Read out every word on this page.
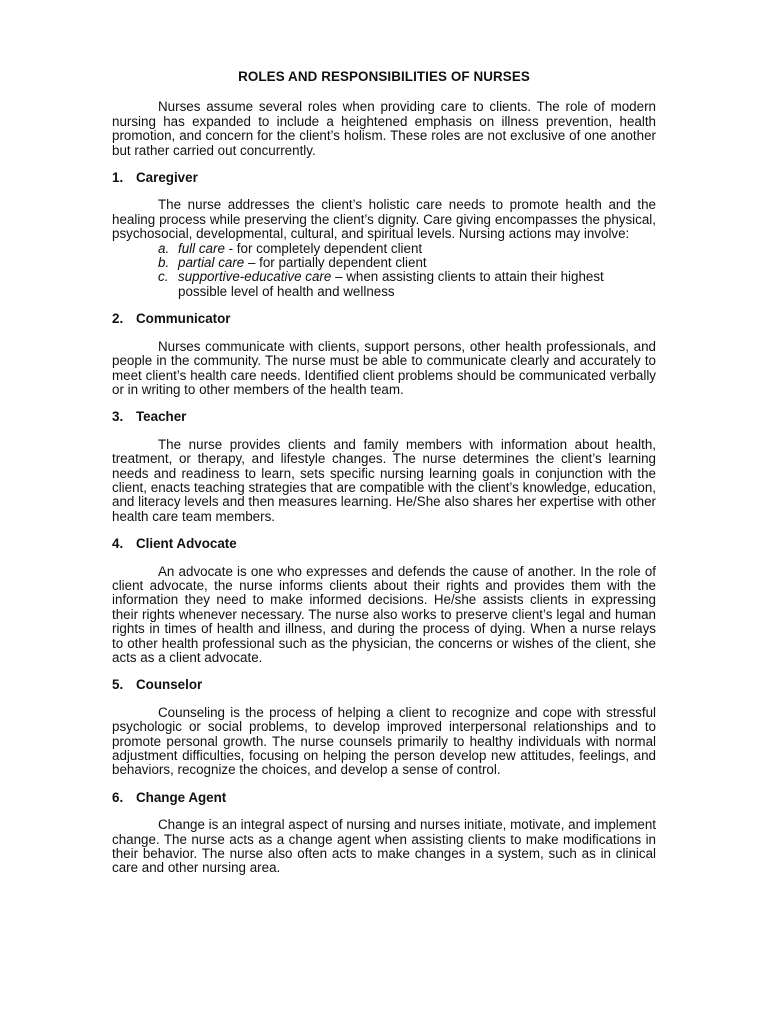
ROLES AND RESPONSIBILITIES OF NURSES

Nurses assume several roles when providing care to clients. The role of modern nursing has expanded to include a heightened emphasis on illness prevention, health promotion, and concern for the client’s holism. These roles are not exclusive of one another but rather carried out concurrently.

1. Caregiver

The nurse addresses the client’s holistic care needs to promote health and the healing process while preserving the client’s dignity. Care giving encompasses the physical, psychosocial, developmental, cultural, and spiritual levels. Nursing actions may involve:

a. full care - for completely dependent client
b. partial care – for partially dependent client
c. supportive-educative care – when assisting clients to attain their highest possible level of health and wellness
2. Communicator

Nurses communicate with clients, support persons, other health professionals, and people in the community. The nurse must be able to communicate clearly and accurately to meet client’s health care needs. Identified client problems should be communicated verbally or in writing to other members of the health team.

3. Teacher

The nurse provides clients and family members with information about health, treatment, or therapy, and lifestyle changes. The nurse determines the client’s learning needs and readiness to learn, sets specific nursing learning goals in conjunction with the client, enacts teaching strategies that are compatible with the client’s knowledge, education, and literacy levels and then measures learning. He/She also shares her expertise with other health care team members.

4. Client Advocate

An advocate is one who expresses and defends the cause of another. In the role of client advocate, the nurse informs clients about their rights and provides them with the information they need to make informed decisions. He/she assists clients in expressing their rights whenever necessary. The nurse also works to preserve client’s legal and human rights in times of health and illness, and during the process of dying. When a nurse relays to other health professional such as the physician, the concerns or wishes of the client, she acts as a client advocate.

5. Counselor

Counseling is the process of helping a client to recognize and cope with stressful psychologic or social problems, to develop improved interpersonal relationships and to promote personal growth. The nurse counsels primarily to healthy individuals with normal adjustment difficulties, focusing on helping the person develop new attitudes, feelings, and behaviors, recognize the choices, and develop a sense of control.

6. Change Agent

Change is an integral aspect of nursing and nurses initiate, motivate, and implement change. The nurse acts as a change agent when assisting clients to make modifications in their behavior. The nurse also often acts to make changes in a system, such as in clinical care and other nursing area.
